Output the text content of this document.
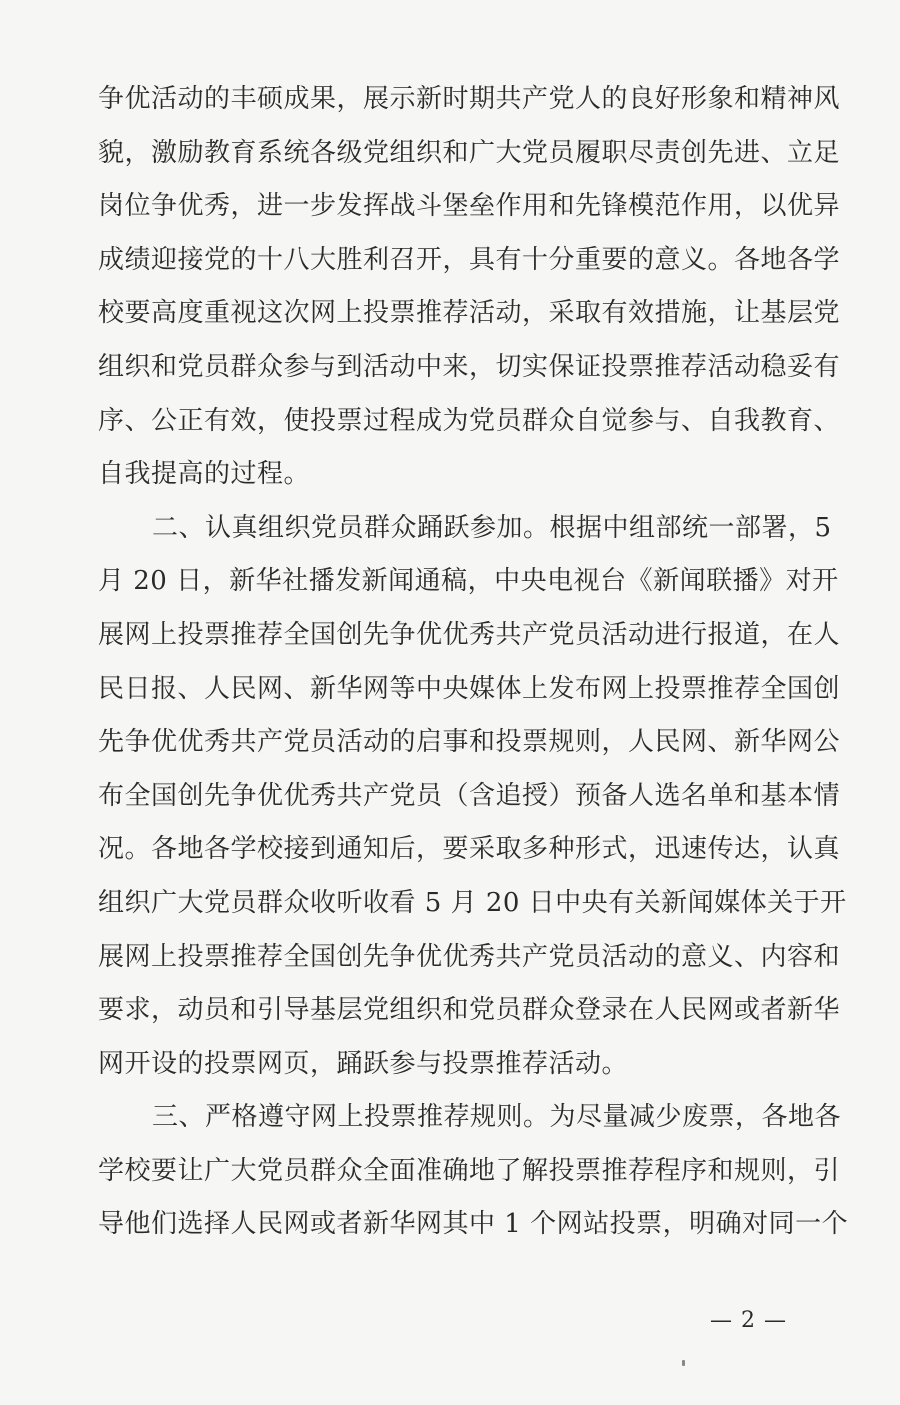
争优活动的丰硕成果，展示新时期共产党人的良好形象和精神风
貌，激励教育系统各级党组织和广大党员履职尽责创先进、立足
岗位争优秀，进一步发挥战斗堡垒作用和先锋模范作用，以优异
成绩迎接党的十八大胜利召开，具有十分重要的意义。各地各学
校要高度重视这次网上投票推荐活动，采取有效措施，让基层党
组织和党员群众参与到活动中来，切实保证投票推荐活动稳妥有
序、公正有效，使投票过程成为党员群众自觉参与、自我教育、
自我提高的过程。
二、认真组织党员群众踊跃参加。根据中组部统一部署，5
月 20 日，新华社播发新闻通稿，中央电视台《新闻联播》对开
展网上投票推荐全国创先争优优秀共产党员活动进行报道，在人
民日报、人民网、新华网等中央媒体上发布网上投票推荐全国创
先争优优秀共产党员活动的启事和投票规则，人民网、新华网公
布全国创先争优优秀共产党员（含追授）预备人选名单和基本情
况。各地各学校接到通知后，要采取多种形式，迅速传达，认真
组织广大党员群众收听收看 5 月 20 日中央有关新闻媒体关于开
展网上投票推荐全国创先争优优秀共产党员活动的意义、内容和
要求，动员和引导基层党组织和党员群众登录在人民网或者新华
网开设的投票网页，踊跃参与投票推荐活动。
三、严格遵守网上投票推荐规则。为尽量减少废票，各地各
学校要让广大党员群众全面准确地了解投票推荐程序和规则，引
导他们选择人民网或者新华网其中 1 个网站投票，明确对同一个
— 2 —
